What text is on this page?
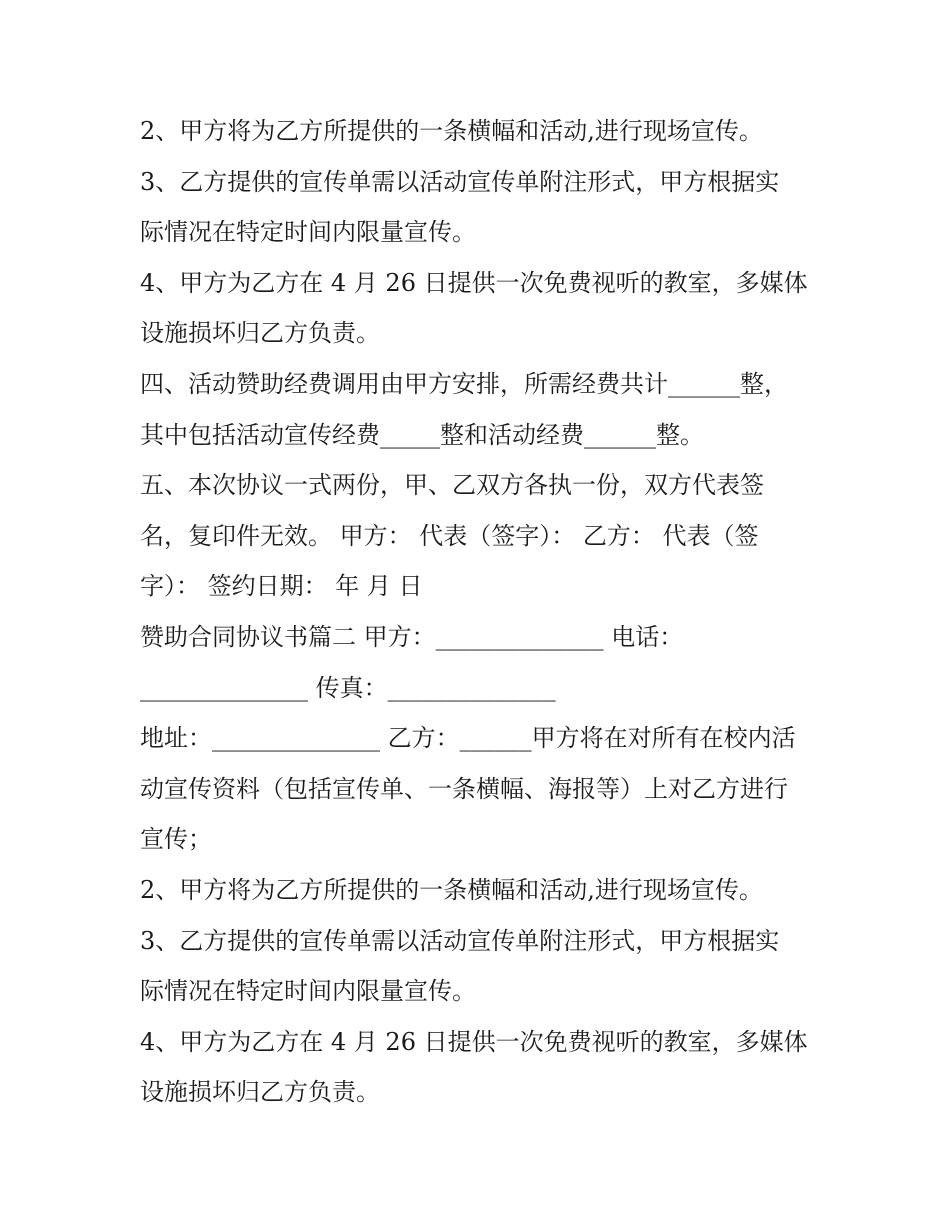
2、甲方将为乙方所提供的一条横幅和活动,进行现场宣传。
3、乙方提供的宣传单需以活动宣传单附注形式，甲方根据实
际情况在特定时间内限量宣传。
4、甲方为乙方在 4 月 26 日提供一次免费视听的教室，多媒体
设施损坏归乙方负责。
四、活动赞助经费调用由甲方安排，所需经费共计______整，
其中包括活动宣传经费_____整和活动经费______整。
五、本次协议一式两份，甲、乙双方各执一份，双方代表签
名，复印件无效。 甲方： 代表（签字）： 乙方： 代表（签
字）： 签约日期： 年 月 日
赞助合同协议书篇二 甲方：______________ 电话：
______________ 传真：______________
地址：______________ 乙方：______甲方将在对所有在校内活
动宣传资料（包括宣传单、一条横幅、海报等）上对乙方进行
宣传；
2、甲方将为乙方所提供的一条横幅和活动,进行现场宣传。
3、乙方提供的宣传单需以活动宣传单附注形式，甲方根据实
际情况在特定时间内限量宣传。
4、甲方为乙方在 4 月 26 日提供一次免费视听的教室，多媒体
设施损坏归乙方负责。
